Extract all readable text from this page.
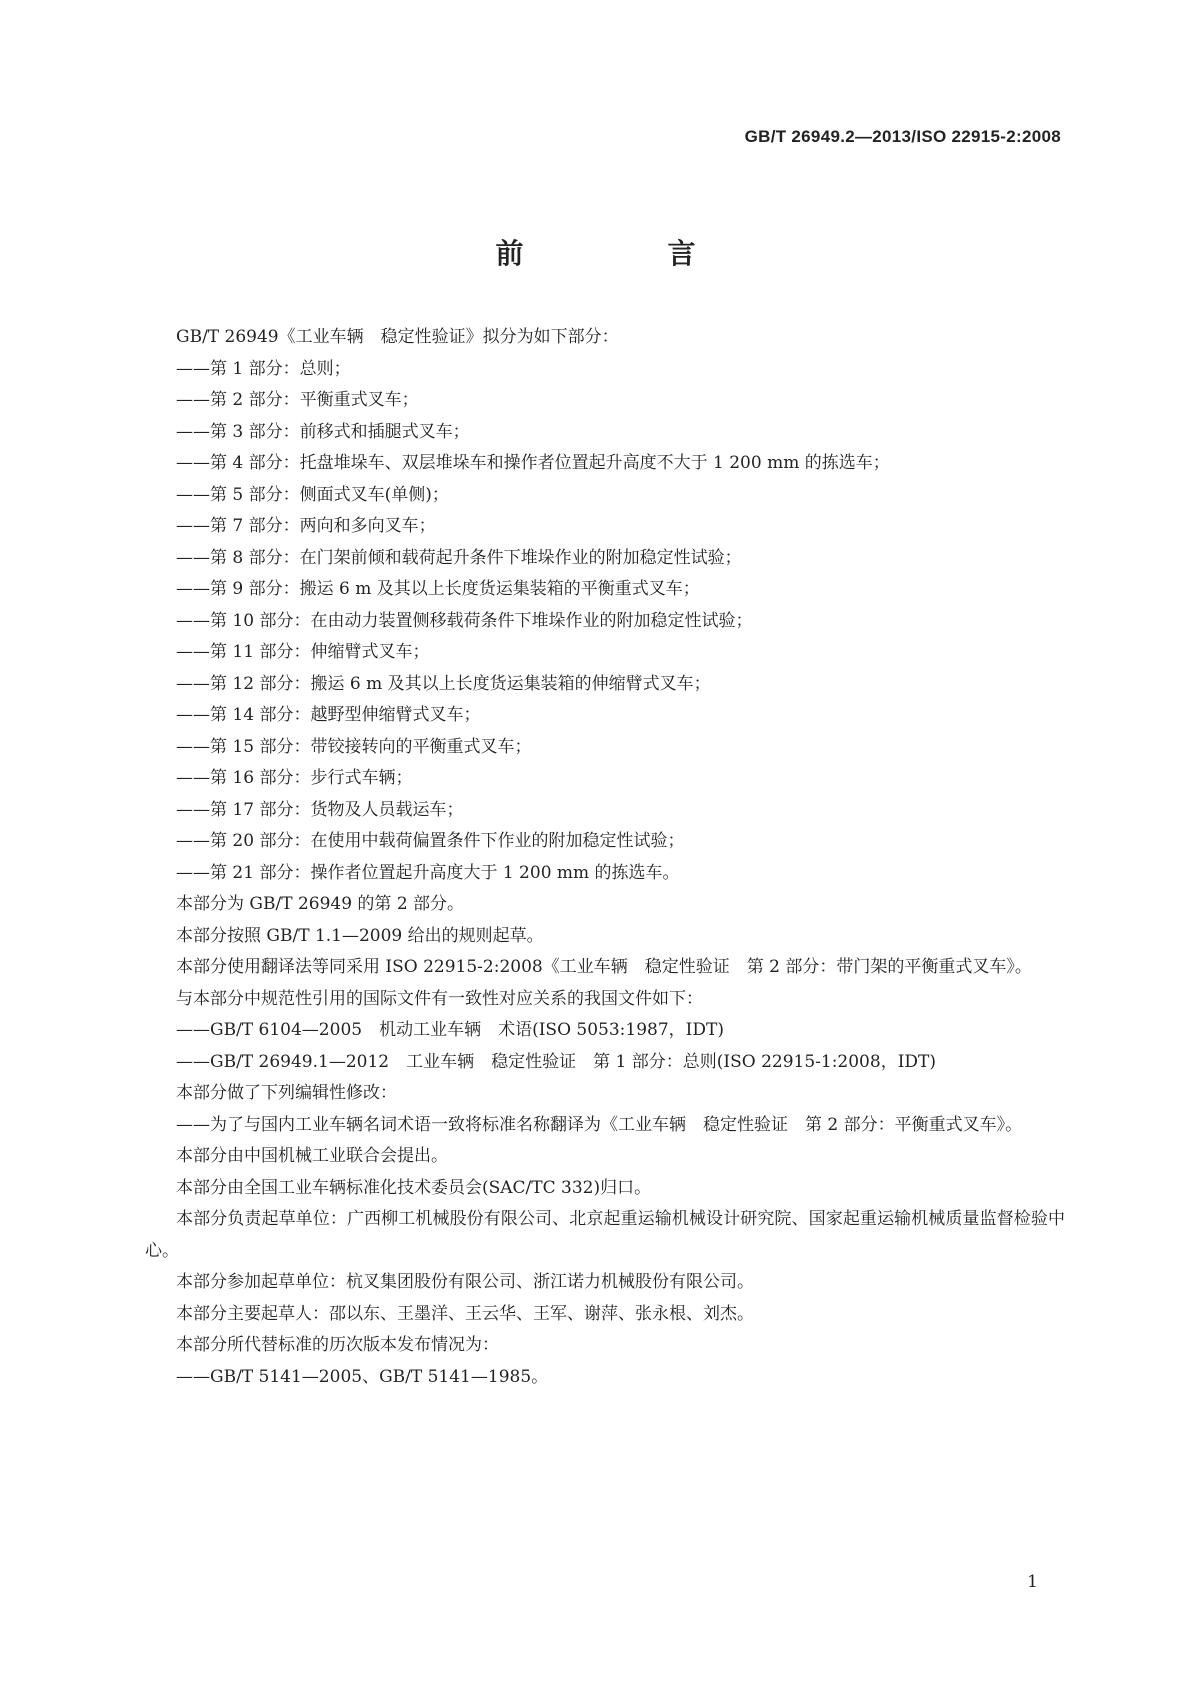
GB/T 26949.2—2013/ISO 22915-2:2008
前　言

GB/T 26949《工业车辆　稳定性验证》拟分为如下部分：

——第 1 部分：总则；

——第 2 部分：平衡重式叉车；

——第 3 部分：前移式和插腿式叉车；

——第 4 部分：托盘堆垛车、双层堆垛车和操作者位置起升高度不大于 1 200 mm 的拣选车；

——第 5 部分：侧面式叉车(单侧)；

——第 7 部分：两向和多向叉车；

——第 8 部分：在门架前倾和载荷起升条件下堆垛作业的附加稳定性试验；

——第 9 部分：搬运 6 m 及其以上长度货运集装箱的平衡重式叉车；

——第 10 部分：在由动力装置侧移载荷条件下堆垛作业的附加稳定性试验；

——第 11 部分：伸缩臂式叉车；

——第 12 部分：搬运 6 m 及其以上长度货运集装箱的伸缩臂式叉车；

——第 14 部分：越野型伸缩臂式叉车；

——第 15 部分：带铰接转向的平衡重式叉车；

——第 16 部分：步行式车辆；

——第 17 部分：货物及人员载运车；

——第 20 部分：在使用中载荷偏置条件下作业的附加稳定性试验；

——第 21 部分：操作者位置起升高度大于 1 200 mm 的拣选车。

本部分为 GB/T 26949 的第 2 部分。

本部分按照 GB/T 1.1—2009 给出的规则起草。

本部分使用翻译法等同采用 ISO 22915-2:2008《工业车辆　稳定性验证　第 2 部分：带门架的平衡重式叉车》。

与本部分中规范性引用的国际文件有一致性对应关系的我国文件如下：

——GB/T 6104—2005　机动工业车辆　术语(ISO 5053:1987，IDT)

——GB/T 26949.1—2012　工业车辆　稳定性验证　第 1 部分：总则(ISO 22915-1:2008，IDT)

本部分做了下列编辑性修改：

——为了与国内工业车辆名词术语一致将标准名称翻译为《工业车辆　稳定性验证　第 2 部分：平衡重式叉车》。

本部分由中国机械工业联合会提出。

本部分由全国工业车辆标准化技术委员会(SAC/TC 332)归口。

本部分负责起草单位：广西柳工机械股份有限公司、北京起重运输机械设计研究院、国家起重运输机械质量监督检验中心。

本部分参加起草单位：杭叉集团股份有限公司、浙江诺力机械股份有限公司。

本部分主要起草人：邵以东、王墨洋、王云华、王军、谢萍、张永根、刘杰。

本部分所代替标准的历次版本发布情况为：

——GB/T 5141—2005、GB/T 5141—1985。

1
